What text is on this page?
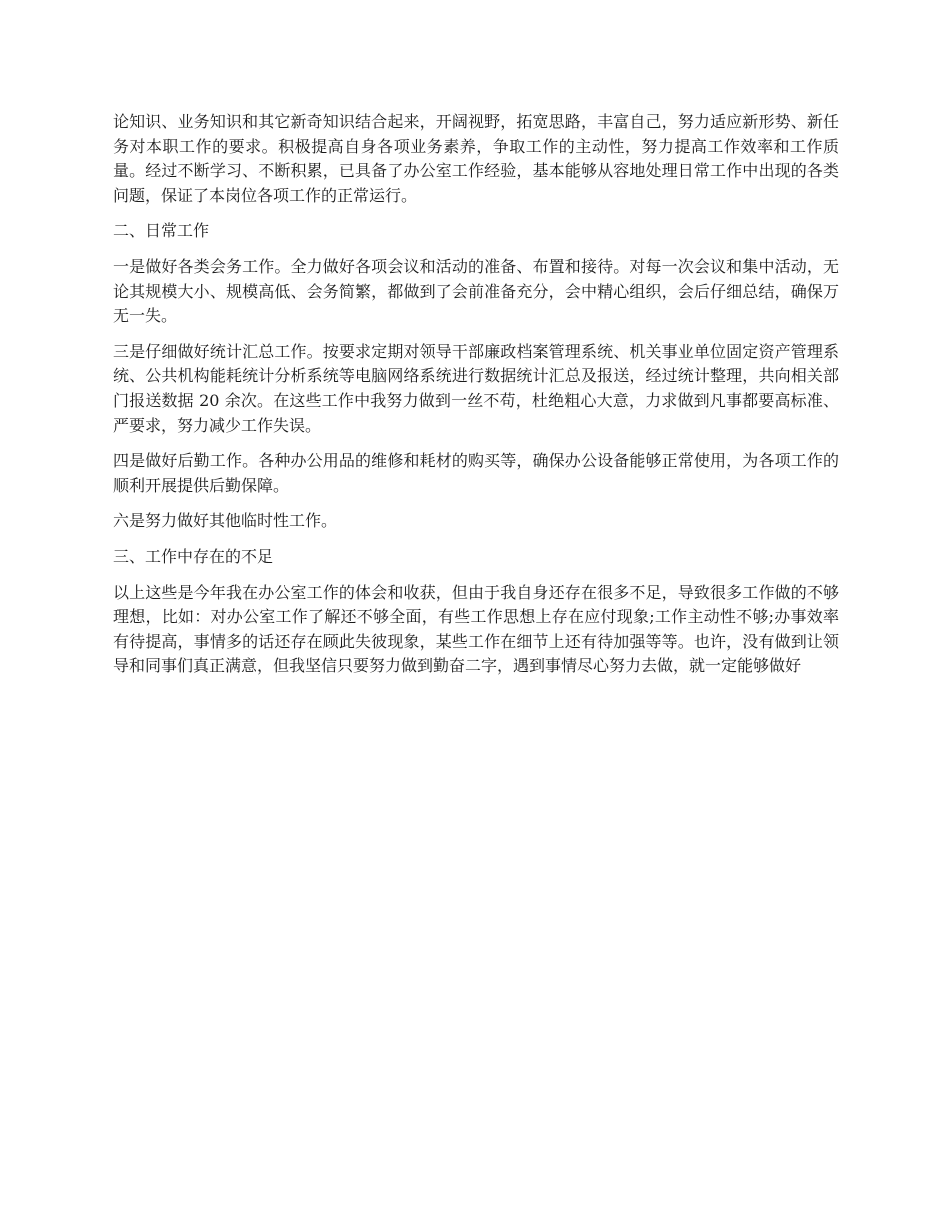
论知识、业务知识和其它新奇知识结合起来，开阔视野，拓宽思路，丰富自己，努力适应新形势、新任务对本职工作的要求。积极提高自身各项业务素养，争取工作的主动性，努力提高工作效率和工作质量。经过不断学习、不断积累，已具备了办公室工作经验，基本能够从容地处理日常工作中出现的各类问题，保证了本岗位各项工作的正常运行。

二、日常工作

一是做好各类会务工作。全力做好各项会议和活动的准备、布置和接待。对每一次会议和集中活动，无论其规模大小、规模高低、会务简繁，都做到了会前准备充分，会中精心组织，会后仔细总结，确保万无一失。

三是仔细做好统计汇总工作。按要求定期对领导干部廉政档案管理系统、机关事业单位固定资产管理系统、公共机构能耗统计分析系统等电脑网络系统进行数据统计汇总及报送，经过统计整理，共向相关部门报送数据 20 余次。在这些工作中我努力做到一丝不苟，杜绝粗心大意，力求做到凡事都要高标准、严要求，努力减少工作失误。

四是做好后勤工作。各种办公用品的维修和耗材的购买等，确保办公设备能够正常使用，为各项工作的顺利开展提供后勤保障。

六是努力做好其他临时性工作。

三、工作中存在的不足

以上这些是今年我在办公室工作的体会和收获，但由于我自身还存在很多不足，导致很多工作做的不够理想，比如：对办公室工作了解还不够全面，有些工作思想上存在应付现象;工作主动性不够;办事效率有待提高，事情多的话还存在顾此失彼现象，某些工作在细节上还有待加强等等。也许，没有做到让领导和同事们真正满意，但我坚信只要努力做到勤奋二字，遇到事情尽心努力去做，就一定能够做好
